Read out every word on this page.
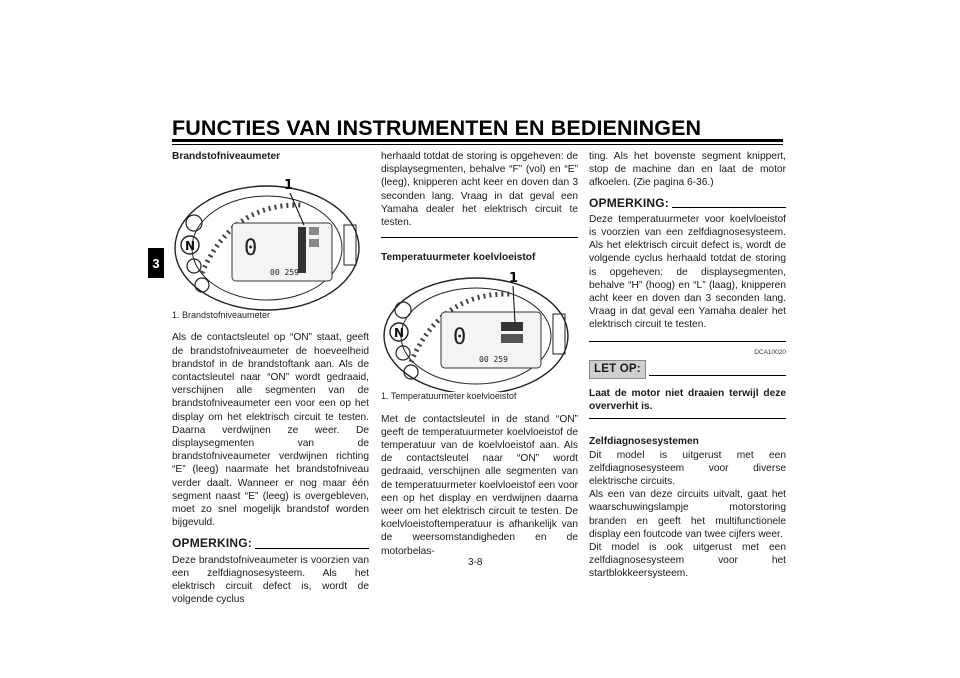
FUNCTIES VAN INSTRUMENTEN EN BEDIENINGEN
3
Brandstofniveaumeter
0
00 259
N
1
1. Brandstofniveaumeter

Als de contactsleutel op “ON” staat, geeft de brandstofniveaumeter de hoeveelheid brandstof in de brandstoftank aan. Als de contactsleutel naar “ON” wordt gedraaid, verschijnen alle segmenten van de brandstofniveaumeter een voor een op het display om het elektrisch circuit te testen. Daarna verdwijnen ze weer. De displaysegmenten van de brandstofniveaumeter verdwijnen richting “E” (leeg) naarmate het brandstofniveau verder daalt. Wanneer er nog maar één segment naast “E” (leeg) is overgebleven, moet zo snel mogelijk brandstof worden bijgevuld.

OPMERKING:

Deze brandstofniveaumeter is voorzien van een zelfdiagnosesysteem. Als het elektrisch circuit defect is, wordt de volgende cyclus

herhaald totdat de storing is opgeheven: de displaysegmenten, behalve “F” (vol) en “E” (leeg), knipperen acht keer en doven dan 3 seconden lang. Vraag in dat geval een Yamaha dealer het elektrisch circuit te testen.

Temperatuurmeter koelvloeistof
0
00 259
N
1
1. Temperatuurmeter koelvloeistof

Met de contactsleutel in de stand “ON” geeft de temperatuurmeter koelvloeistof de temperatuur van de koelvloeistof aan. Als de contactsleutel naar “ON” wordt gedraaid, verschijnen alle segmenten van de temperatuurmeter koelvloeistof een voor een op het display en verdwijnen daarna weer om het elektrisch circuit te testen. De koelvloeistoftemperatuur is afhankelijk van de weersomstandigheden en de motorbelas-

ting. Als het bovenste segment knippert, stop de machine dan en laat de motor afkoelen. (Zie pagina 6-36.)

OPMERKING:

Deze temperatuurmeter voor koelvloeistof is voorzien van een zelfdiagnosesysteem. Als het elektrisch circuit defect is, wordt de volgende cyclus herhaald totdat de storing is opgeheven: de displaysegmenten, behalve “H” (hoog) en “L” (laag), knipperen acht keer en doven dan 3 seconden lang. Vraag in dat geval een Yamaha dealer het elektrisch circuit te testen.

DCA10020
LET OP:

Laat de motor niet draaien terwijl deze oververhit is.

Zelfdiagnosesystemen

Dit model is uitgerust met een zelfdiagnosesysteem voor diverse elektrische circuits.

Als een van deze circuits uitvalt, gaat het waarschuwingslampje motorstoring branden en geeft het multifunctionele display een foutcode van twee cijfers weer.

Dit model is ook uitgerust met een zelfdiagnosesysteem voor het startblokkeersysteem.

3-8
